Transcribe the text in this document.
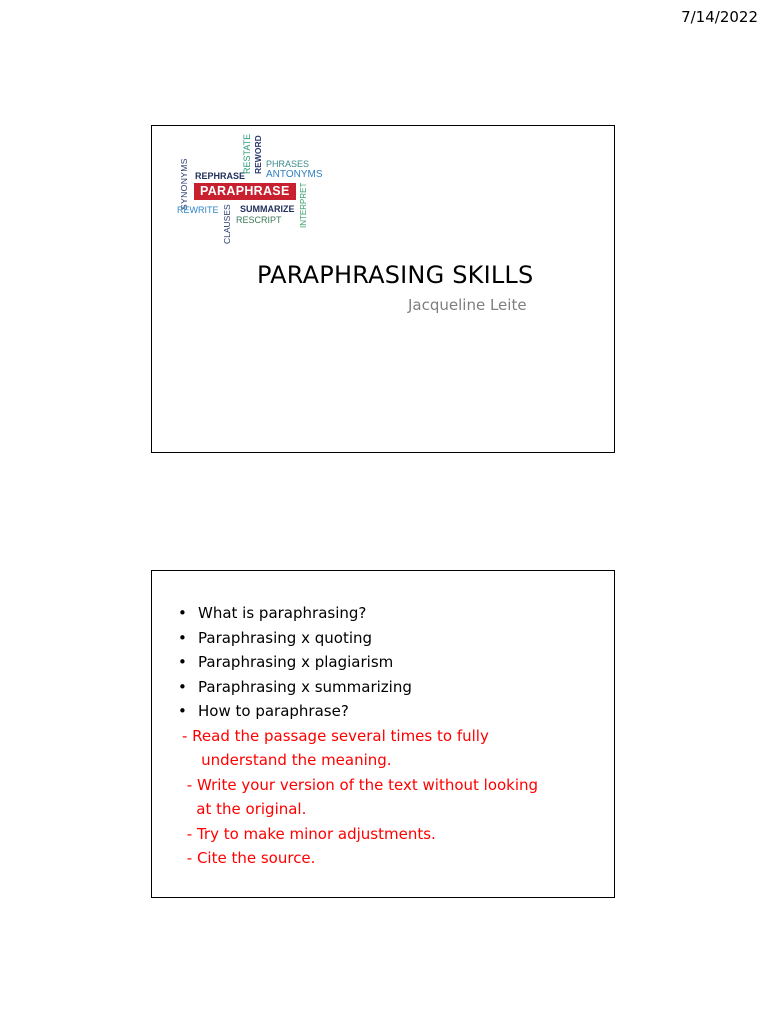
7/14/2022
SYNONYMS REPHRASE
RESTATE REWORD PHRASES
ANTONYMS
PARAPHRASE	INTERPRET
REWRITE CLAUSES SUMMARIZE
RESCRIPT
PARAPHRASING SKILLS
Jacqueline Leite
• What is paraphrasing?
• Paraphrasing x quoting
• Paraphrasing x plagiarism
• Paraphrasing x summarizing
• How to paraphrase?
- Read the passage several times to fully
understand the meaning.
- Write your version of the text without looking
at the original.
- Try to make minor adjustments.
- Cite the source.
